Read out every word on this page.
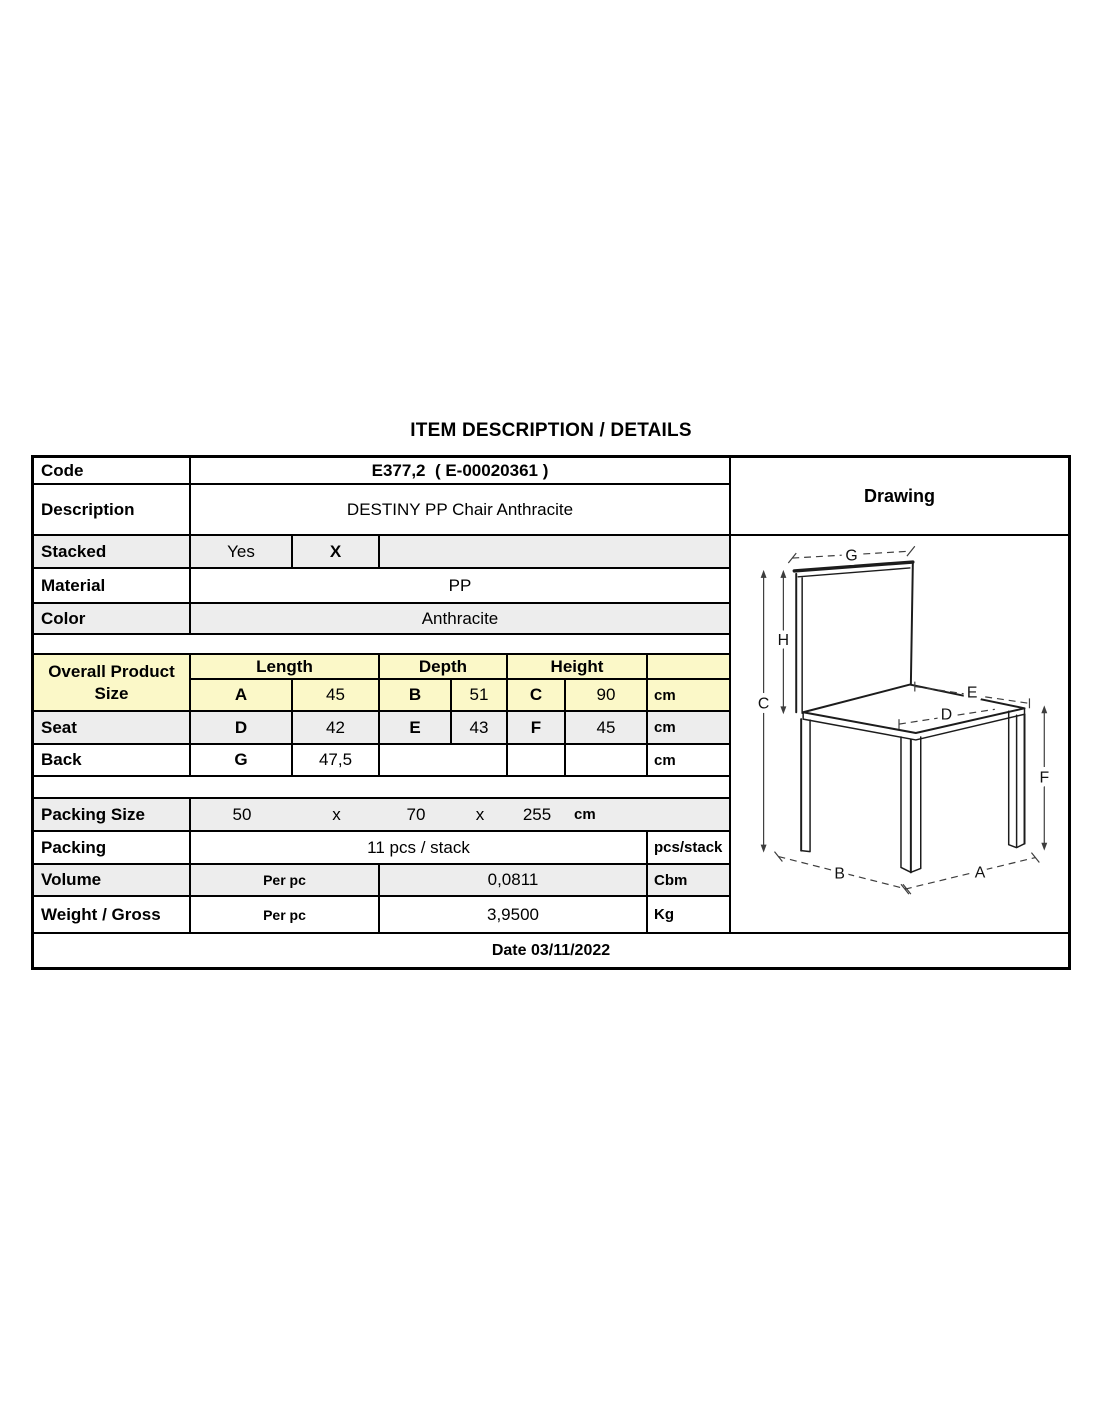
ITEM DESCRIPTION / DETAILS
Code	E377,2  ( E-00020361 )
Description	DESTINY PP Chair Anthracite
Stacked	Yes	X
Material	PP
Color	Anthracite
Overall Product
Size
Length	Depth	Height
A	45	B	51	C	90	cm
Seat	D	42	E	43	F	45	cm
Back	G	47,5	cm
Packing Size	50	x	70	x	255	cm
Packing	11 pcs / stack	pcs/stack
Volume	Per pc	0,0811	Cbm
Weight / Gross	Per pc	3,9500	Kg
Drawing
G
H
C
F
E
D
A
B
Date 03/11/2022
